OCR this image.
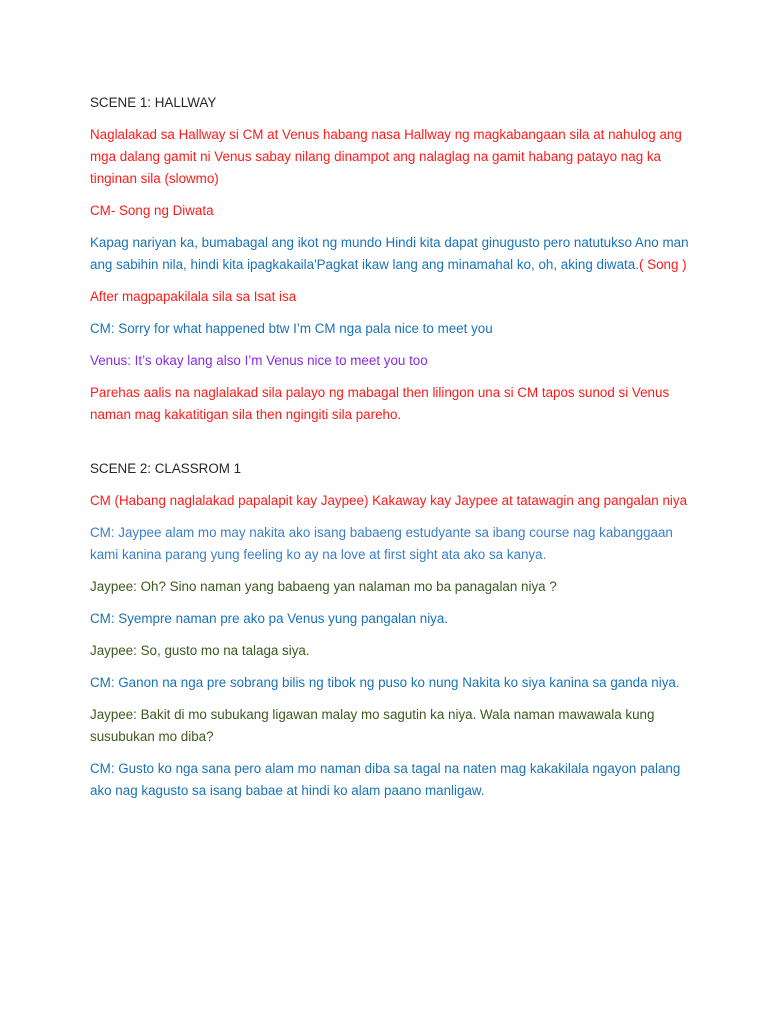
SCENE 1: HALLWAY

Naglalakad sa Hallway si CM at Venus habang nasa Hallway ng magkabangaan sila at nahulog ang mga dalang gamit ni Venus sabay nilang dinampot ang nalaglag na gamit habang patayo nag ka tinginan sila (slowmo)

CM- Song ng Diwata

Kapag nariyan ka, bumabagal ang ikot ng mundo Hindi kita dapat ginugusto pero natutukso Ano man ang sabihin nila, hindi kita ipagkakaila'Pagkat ikaw lang ang minamahal ko, oh, aking diwata.( Song )

After magpapakilala sila sa Isat isa

CM: Sorry for what happened btw I’m CM nga pala nice to meet you

Venus: It’s okay lang also I’m Venus nice to meet you too

Parehas aalis na naglalakad sila palayo ng mabagal then lilingon una si CM tapos sunod si Venus naman mag kakatitigan sila then ngingiti sila pareho.

SCENE 2: CLASSROM 1

CM (Habang naglalakad papalapit kay Jaypee) Kakaway kay Jaypee at tatawagin ang pangalan niya

CM: Jaypee alam mo may nakita ako isang babaeng estudyante sa ibang course nag kabanggaan kami kanina parang yung feeling ko ay na love at first sight ata ako sa kanya.

Jaypee: Oh? Sino naman yang babaeng yan nalaman mo ba panagalan niya ?

CM: Syempre naman pre ako pa Venus yung pangalan niya.

Jaypee: So, gusto mo na talaga siya.

CM: Ganon na nga pre sobrang bilis ng tibok ng puso ko nung Nakita ko siya kanina sa ganda niya.

Jaypee: Bakit di mo subukang ligawan malay mo sagutin ka niya. Wala naman mawawala kung susubukan mo diba?

CM: Gusto ko nga sana pero alam mo naman diba sa tagal na naten mag kakakilala ngayon palang ako nag kagusto sa isang babae at hindi ko alam paano manligaw.
